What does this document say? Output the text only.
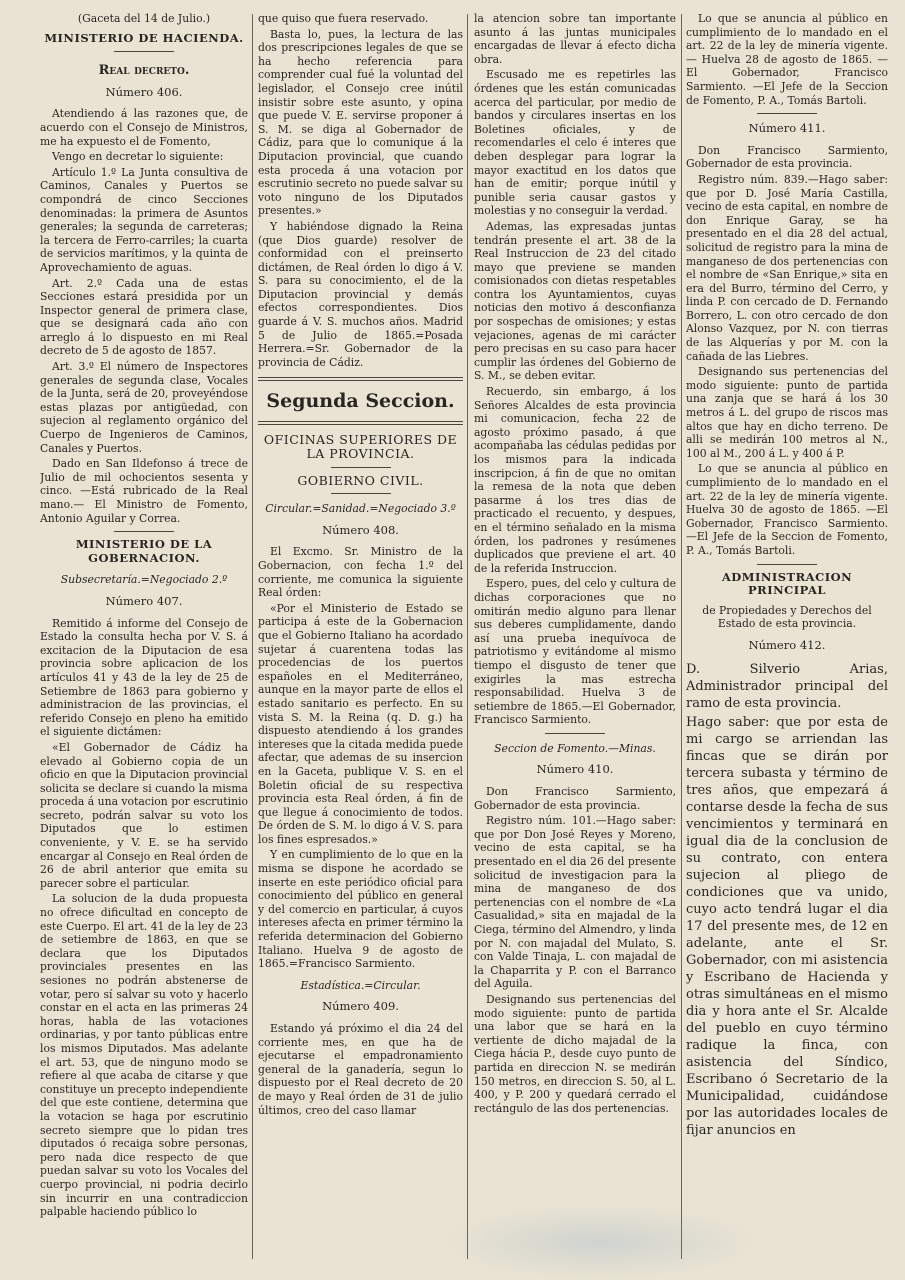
(Gaceta del 14 de Julio.)
MINISTERIO DE HACIENDA.
Real decreto.
Número 406.

Atendiendo á las razones que, de acuerdo con el Consejo de Ministros, me ha expuesto el de Fomento,

Vengo en decretar lo siguiente:

Artículo 1.º La Junta consultiva de Caminos, Canales y Puertos se compondrá de cinco Secciones denominadas: la primera de Asuntos generales; la segunda de carreteras; la tercera de Ferro-carriles; la cuarta de servicios marítimos, y la quinta de Aprovechamiento de aguas.

Art. 2.º Cada una de estas Secciones estará presidida por un Inspector general de primera clase, que se designará cada año con arreglo á lo dispuesto en mi Real decreto de 5 de agosto de 1857.

Art. 3.º El número de Inspectores generales de segunda clase, Vocales de la Junta, será de 20, proveyéndose estas plazas por antigüedad, con sujecion al reglamento orgánico del Cuerpo de Ingenieros de Caminos, Canales y Puertos.

Dado en San Ildefonso á trece de Julio de mil ochocientos sesenta y cinco. —Está rubricado de la Real mano.— El Ministro de Fomento, Antonio Aguilar y Correa.

MINISTERIO DE LA GOBERNACION.
Subsecretaría.=Negociado 2.º
Número 407.

Remitido á informe del Consejo de Estado la consulta hecha por V. S. á excitacion de la Diputacion de esa provincia sobre aplicacion de los artículos 41 y 43 de la ley de 25 de Setiembre de 1863 para gobierno y administracion de las provincias, el referido Consejo en pleno ha emitido el siguiente dictámen:

«El Gobernador de Cádiz ha elevado al Gobierno copia de un oficio en que la Diputacion provincial solicita se declare si cuando la misma proceda á una votacion por escrutinio secreto, podrán salvar su voto los Diputados que lo estimen conveniente, y V. E. se ha servido encargar al Consejo en Real órden de 26 de abril anterior que emita su parecer sobre el particular.

La solucion de la duda propuesta no ofrece dificultad en concepto de este Cuerpo. El art. 41 de la ley de 23 de setiembre de 1863, en que se declara que los Diputados provinciales presentes en las sesiones no podrán abstenerse de votar, pero sí salvar su voto y hacerlo constar en el acta en las primeras 24 horas, habla de las votaciones ordinarias, y por tanto públicas entre los mismos Diputados. Mas adelante el art. 53, que de ninguno modo se refiere al que acaba de citarse y que constituye un precepto independiente del que este contiene, determina que la votacion se haga por escrutinio secreto siempre que lo pidan tres diputados ó recaiga sobre personas, pero nada dice respecto de que puedan salvar su voto los Vocales del cuerpo provincial, ni podria decirlo sin incurrir en una contradiccion palpable haciendo público lo

que quiso que fuera reservado.

Basta lo, pues, la lectura de las dos prescripciones legales de que se ha hecho referencia para comprender cual fué la voluntad del legislador, el Consejo cree inútil insistir sobre este asunto, y opina que puede V. E. servirse proponer á S. M. se diga al Gobernador de Cádiz, para que lo comunique á la Diputacion provincial, que cuando esta proceda á una votacion por escrutinio secreto no puede salvar su voto ninguno de los Diputados presentes.»

Y habiéndose dignado la Reina (que Dios guarde) resolver de conformidad con el preinserto dictámen, de Real órden lo digo á V. S. para su conocimiento, el de la Diputacion provincial y demás efectos correspondientes. Dios guarde á V. S. muchos años. Madrid 5 de Julio de 1865.=Posada Herrera.=Sr. Gobernador de la provincia de Cádiz.

Segunda Seccion.
OFICINAS SUPERIORES DE LA PROVINCIA.
GOBIERNO CIVIL.
Circular.=Sanidad.=Negociado 3.º
Número 408.

El Excmo. Sr. Ministro de la Gobernacion, con fecha 1.º del corriente, me comunica la siguiente Real órden:

«Por el Ministerio de Estado se participa á este de la Gobernacion que el Gobierno Italiano ha acordado sujetar á cuarentena todas las procedencias de los puertos españoles en el Mediterráneo, aunque en la mayor parte de ellos el estado sanitario es perfecto. En su vista S. M. la Reina (q. D. g.) ha dispuesto atendiendo á los grandes intereses que la citada medida puede afectar, que ademas de su insercion en la Gaceta, publique V. S. en el Boletin oficial de su respectiva provincia esta Real órden, á fin de que llegue á conocimiento de todos. De órden de S. M. lo digo á V. S. para los fines espresados.»

Y en cumplimiento de lo que en la misma se dispone he acordado se inserte en este periódico oficial para conocimiento del público en general y del comercio en particular, á cuyos intereses afecta en primer término la referida determinacion del Gobierno Italiano. Huelva 9 de agosto de 1865.=Francisco Sarmiento.

Estadística.=Circular.
Número 409.

Estando yá próximo el dia 24 del corriente mes, en que ha de ejecutarse el empadronamiento general de la ganadería, segun lo dispuesto por el Real decreto de 20 de mayo y Real órden de 31 de julio últimos, creo del caso llamar

la atencion sobre tan importante asunto á las juntas municipales encargadas de llevar á efecto dicha obra.

Escusado me es repetirles las órdenes que les están comunicadas acerca del particular, por medio de bandos y circulares insertas en los Boletines oficiales, y de recomendarles el celo é interes que deben desplegar para lograr la mayor exactitud en los datos que han de emitir; porque inútil y punible seria causar gastos y molestias y no conseguir la verdad.

Ademas, las expresadas juntas tendrán presente el art. 38 de la Real Instruccion de 23 del citado mayo que previene se manden comisionados con dietas respetables contra los Ayuntamientos, cuyas noticias den motivo á desconfianza por sospechas de omisiones; y estas vejaciones, agenas de mi carácter pero precisas en su caso para hacer cumplir las órdenes del Gobierno de S. M., se deben evitar.

Recuerdo, sin embargo, á los Señores Alcaldes de esta provincia mi comunicacion, fecha 22 de agosto próximo pasado, á que acompañaba las cédulas pedidas por los mismos para la indicada inscripcion, á fin de que no omitan la remesa de la nota que deben pasarme á los tres dias de practicado el recuento, y despues, en el término señalado en la misma órden, los padrones y resúmenes duplicados que previene el art. 40 de la referida Instruccion.

Espero, pues, del celo y cultura de dichas corporaciones que no omitirán medio alguno para llenar sus deberes cumplidamente, dando así una prueba inequívoca de patriotismo y evitándome al mismo tiempo el disgusto de tener que exigirles la mas estrecha responsabilidad. Huelva 3 de setiembre de 1865.—El Gobernador, Francisco Sarmiento.

Seccion de Fomento.—Minas.
Número 410.

Don Francisco Sarmiento, Gobernador de esta provincia.

Registro núm. 101.—Hago saber: que por Don José Reyes y Moreno, vecino de esta capital, se ha presentado en el dia 26 del presente solicitud de investigacion para la mina de manganeso de dos pertenencias con el nombre de «La Casualidad,» sita en majadal de la Ciega, término del Almendro, y linda por N. con majadal del Mulato, S. con Valde Tinaja, L. con majadal de la Chaparrita y P. con el Barranco del Aguila.

Designando sus pertenencias del modo siguiente: punto de partida una labor que se hará en la vertiente de dicho majadal de la Ciega hácia P., desde cuyo punto de partida en direccion N. se medirán 150 metros, en direccion S. 50, al L. 400, y P. 200 y quedará cerrado el rectángulo de las dos pertenencias.

Lo que se anuncia al público en cumplimiento de lo mandado en el art. 22 de la ley de minería vigente. — Huelva 28 de agosto de 1865. —El Gobernador, Francisco Sarmiento. —El Jefe de la Seccion de Fomento, P. A., Tomás Bartoli.

Número 411.

Don Francisco Sarmiento, Gobernador de esta provincia.

Registro núm. 839.—Hago saber: que por D. José María Castilla, vecino de esta capital, en nombre de don Enrique Garay, se ha presentado en el dia 28 del actual, solicitud de registro para la mina de manganeso de dos pertenencias con el nombre de «San Enrique,» sita en era del Burro, término del Cerro, y linda P. con cercado de D. Fernando Borrero, L. con otro cercado de don Alonso Vazquez, por N. con tierras de las Alquerías y por M. con la cañada de las Liebres.

Designando sus pertenencias del modo siguiente: punto de partida una zanja que se hará á los 30 metros á L. del grupo de riscos mas altos que hay en dicho terreno. De alli se medirán 100 metros al N., 100 al M., 200 á L. y 400 á P.

Lo que se anuncia al público en cumplimiento de lo mandado en el art. 22 de la ley de minería vigente. Huelva 30 de agosto de 1865. —El Gobernador, Francisco Sarmiento. —El Jefe de la Seccion de Fomento, P. A., Tomás Bartoli.

ADMINISTRACION PRINCIPAL
de Propiedades y Derechos del Estado de esta provincia.
Número 412.

D. Silverio Arias, Administrador principal del ramo de esta provincia.

Hago saber: que por esta de mi cargo se arriendan las fincas que se dirán por tercera subasta y término de tres años, que empezará á contarse desde la fecha de sus vencimientos y terminará en igual dia de la conclusion de su contrato, con entera sujecion al pliego de condiciones que va unido, cuyo acto tendrá lugar el dia 17 del presente mes, de 12 en adelante, ante el Sr. Gobernador, con mi asistencia y Escribano de Hacienda y otras simultáneas en el mismo dia y hora ante el Sr. Alcalde del pueblo en cuyo término radique la finca, con asistencia del Síndico, Escribano ó Secretario de la Municipalidad, cuidándose por las autoridades locales de fijar anuncios en
